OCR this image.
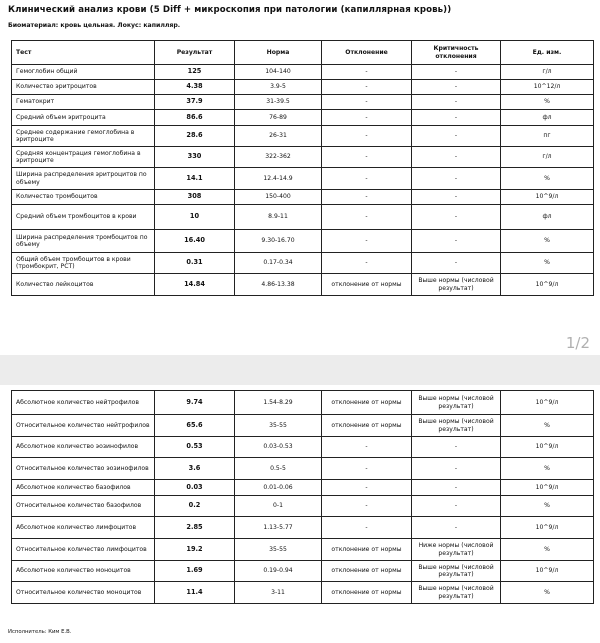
Клинический анализ крови (5 Diff + микроскопия при патологии (капиллярная кровь))
Биоматериал: кровь цельная. Локус: капилляр.
Тест	Результат	Норма	Отклонение	Критичность отклонения	Ед. изм.
Гемоглобин общий	125	104-140	-	-	г/л
Количество эритроцитов	4.38	3.9-5	-	-	10^12/л
Гематокрит	37.9	31-39.5	-	-	%
Средний объем эритроцита	86.6	76-89	-	-	фл
Среднее содержание гемоглобина в эритроците	28.6	26-31	-	-	пг
Средняя концентрация гемоглобина в эритроците	330	322-362	-	-	г/л
Ширина распределения эритроцитов по объему	14.1	12.4-14.9	-	-	%
Количество тромбоцитов	308	150-400	-	-	10^9/л
Средний объем тромбоцитов в крови	10	8.9-11	-	-	фл
Ширина распределения тромбоцитов по объему	16.40	9.30-16.70	-	-	%
Общий объем тромбоцитов в крови (тромбокрит, PCT)	0.31	0.17-0.34	-	-	%
Количество лейкоцитов	14.84	4.86-13.38	отклонение от нормы	Выше нормы (числовой результат)	10^9/л
1/2
Абсолютное количество нейтрофилов	9.74	1.54-8.29	отклонение от нормы	Выше нормы (числовой результат)	10^9/л
Относительное количество нейтрофилов	65.6	35-55	отклонение от нормы	Выше нормы (числовой результат)	%
Абсолютное количество эозинофилов	0.53	0.03-0.53	-	-	10^9/л
Относительное количество эозинофилов	3.6	0.5-5	-	-	%
Абсолютное количество базофилов	0.03	0.01-0.06	-	-	10^9/л
Относительное количество базофилов	0.2	0-1	-	-	%
Абсолютное количество лимфоцитов	2.85	1.13-5.77	-	-	10^9/л
Относительное количество лимфоцитов	19.2	35-55	отклонение от нормы	Ниже нормы (числовой результат)	%
Абсолютное количество моноцитов	1.69	0.19-0.94	отклонение от нормы	Выше нормы (числовой результат)	10^9/л
Относительное количество моноцитов	11.4	3-11	отклонение от нормы	Выше нормы (числовой результат)	%
Исполнитель: Ким Е.В.
